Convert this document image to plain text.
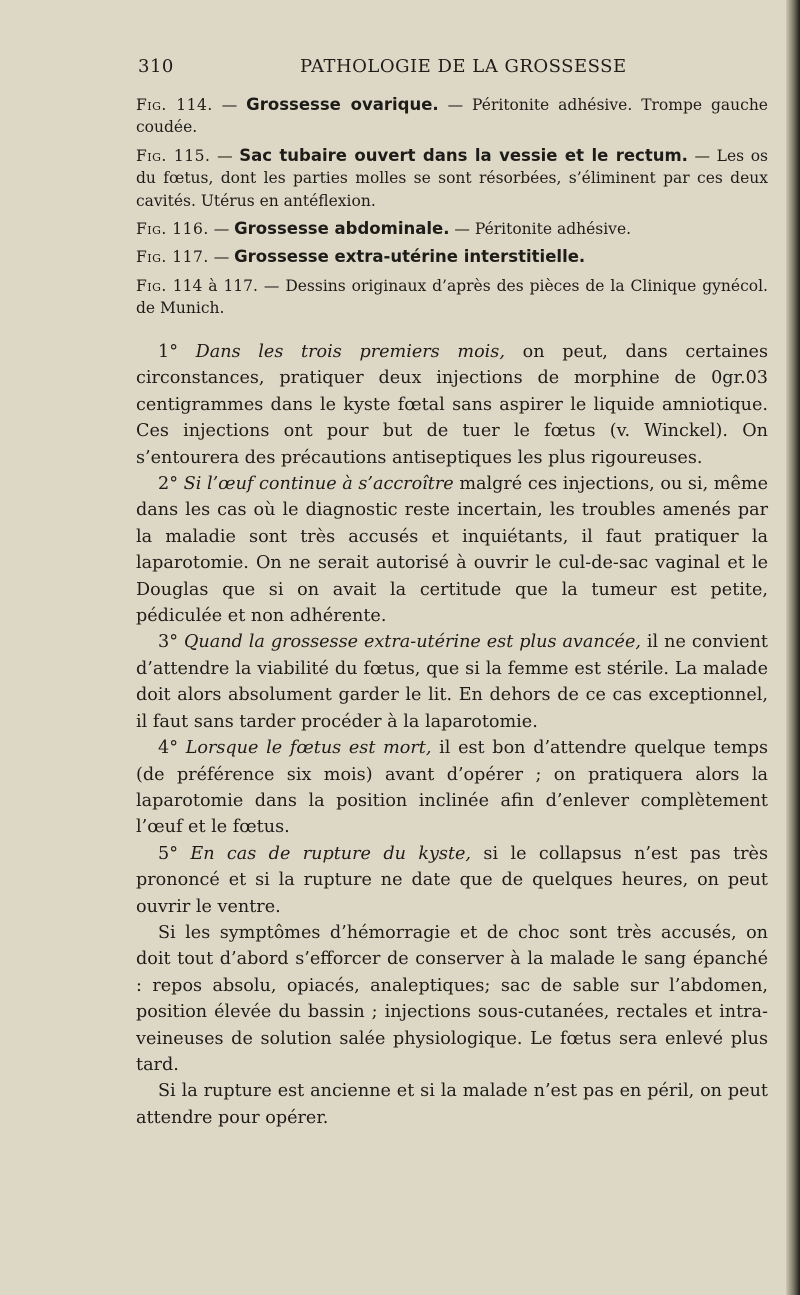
310	PATHOLOGIE DE LA GROSSESSE

Fig. 114. — Grossesse ovarique. — Péritonite adhésive. Trompe gauche coudée.

Fig. 115. — Sac tubaire ouvert dans la vessie et le rectum. — Les os du fœtus, dont les parties molles se sont résorbées, s’éliminent par ces deux cavités. Utérus en antéflexion.

Fig. 116. — Grossesse abdominale. — Péritonite adhésive.

Fig. 117. — Grossesse extra-utérine interstitielle.

Fig. 114 à 117. — Dessins originaux d’après des pièces de la Clinique gynécol. de Munich.

1° Dans les trois premiers mois, on peut, dans certaines circonstances, pratiquer deux injections de morphine de 0gr.03 centigrammes dans le kyste fœtal sans aspirer le liquide amniotique. Ces injections ont pour but de tuer le fœtus (v. Winckel). On s’entourera des précautions antiseptiques les plus rigoureuses.

2° Si l’œuf continue à s’accroître malgré ces injections, ou si, même dans les cas où le diagnostic reste incertain, les troubles amenés par la maladie sont très accusés et inquiétants, il faut pratiquer la laparotomie. On ne serait autorisé à ouvrir le cul-de-sac vaginal et le Douglas que si on avait la certitude que la tumeur est petite, pédiculée et non adhérente.

3° Quand la grossesse extra-utérine est plus avancée, il ne convient d’attendre la viabilité du fœtus, que si la femme est stérile. La malade doit alors absolument garder le lit. En dehors de ce cas exceptionnel, il faut sans tarder procéder à la laparotomie.

4° Lorsque le fœtus est mort, il est bon d’attendre quelque temps (de préférence six mois) avant d’opérer ; on pratiquera alors la laparotomie dans la position inclinée afin d’enlever complètement l’œuf et le fœtus.

5° En cas de rupture du kyste, si le collapsus n’est pas très prononcé et si la rupture ne date que de quelques heures, on peut ouvrir le ventre.

Si les symptômes d’hémorragie et de choc sont très accusés, on doit tout d’abord s’efforcer de conserver à la malade le sang épanché : repos absolu, opiacés, analeptiques; sac de sable sur l’abdomen, position élevée du bassin ; injections sous-cutanées, rectales et intra-veineuses de solution salée physiologique. Le fœtus sera enlevé plus tard.

Si la rupture est ancienne et si la malade n’est pas en péril, on peut attendre pour opérer.
